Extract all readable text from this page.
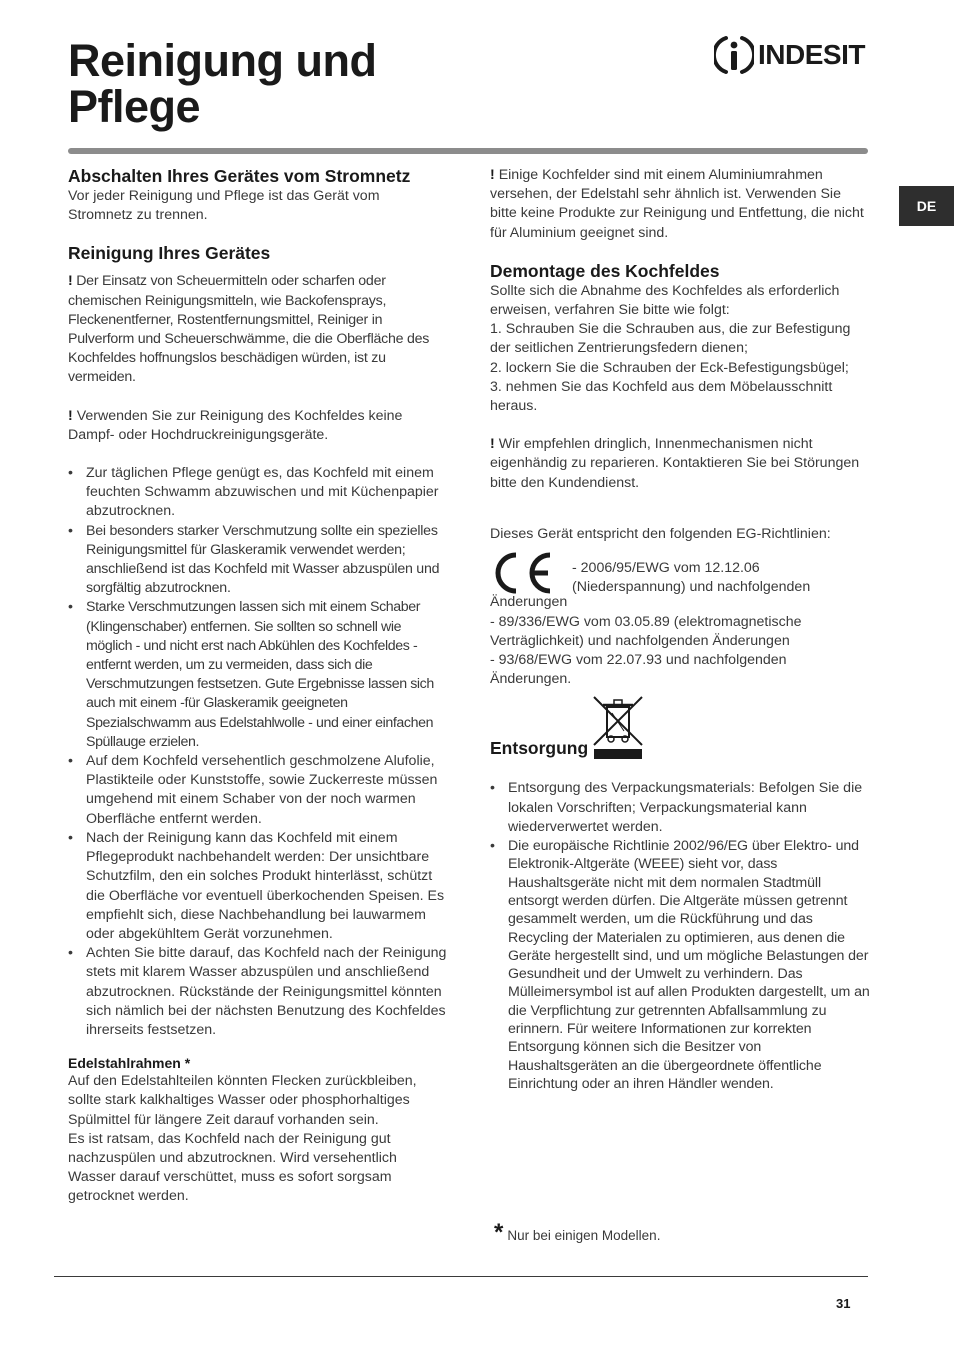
Reinigung und
Pflege
INDESIT
DE
Abschalten Ihres Gerätes vom Stromnetz

Vor jeder Reinigung und Pflege ist das Gerät vom Stromnetz zu trennen.

Reinigung Ihres Gerätes

! Der Einsatz von Scheuermitteln oder scharfen oder chemischen Reinigungsmitteln, wie Backofensprays, Fleckenentferner, Rostentfernungsmittel, Reiniger in Pulverform und Scheuerschwämme, die die Oberfläche des Kochfeldes hoffnungslos beschädigen würden, ist zu vermeiden.

! Verwenden Sie zur Reinigung des Kochfeldes keine Dampf- oder Hochdruckreinigungsgeräte.

• Zur täglichen Pflege genügt es, das Kochfeld mit einem feuchten Schwamm abzuwischen und mit Küchenpapier abzutrocknen.
• Bei besonders starker Verschmutzung sollte ein spezielles Reinigungsmittel für Glaskeramik verwendet werden; anschließend ist das Kochfeld mit Wasser abzuspülen und sorgfältig abzutrocknen.
• Starke Verschmutzungen lassen sich mit einem Schaber (Klingenschaber) entfernen. Sie sollten so schnell wie möglich - und nicht erst nach Abkühlen des Kochfeldes - entfernt werden, um zu vermeiden, dass sich die Verschmutzungen festsetzen. Gute Ergebnisse lassen sich auch mit einem -für Glaskeramik geeigneten Spezialschwamm aus Edelstahlwolle - und einer einfachen Spüllauge erzielen.
• Auf dem Kochfeld versehentlich geschmolzene Alufolie, Plastikteile oder Kunststoffe, sowie Zuckerreste müssen umgehend mit einem Schaber von der noch warmen Oberfläche entfernt werden.
• Nach der Reinigung kann das Kochfeld mit einem Pflegeprodukt nachbehandelt werden: Der unsichtbare Schutzfilm, den ein solches Produkt hinterlässt, schützt die Oberfläche vor eventuell überkochenden Speisen. Es empfiehlt sich, diese Nachbehandlung bei lauwarmem oder abgekühltem Gerät vorzunehmen.
• Achten Sie bitte darauf, das Kochfeld nach der Reinigung stets mit klarem Wasser abzuspülen und anschließend abzutrocknen. Rückstände der Reinigungsmittel könnten sich nämlich bei der nächsten Benutzung des Kochfeldes ihrerseits festsetzen.
Edelstahlrahmen *

Auf den Edelstahlteilen könnten Flecken zurückbleiben, sollte stark kalkhaltiges Wasser oder phosphorhaltiges Spülmittel für längere Zeit darauf vorhanden sein.

Es ist ratsam, das Kochfeld nach der Reinigung gut nachzuspülen und abzutrocknen. Wird versehentlich Wasser darauf verschüttet, muss es sofort sorgsam getrocknet werden.

! Einige Kochfelder sind mit einem Aluminiumrahmen versehen, der Edelstahl sehr ähnlich ist. Verwenden Sie bitte keine Produkte zur Reinigung und Entfettung, die nicht für Aluminium geeignet sind.

Demontage des Kochfeldes

Sollte sich die Abnahme des Kochfeldes als erforderlich erweisen, verfahren Sie bitte wie folgt:

1. Schrauben Sie die Schrauben aus, die zur Befestigung der seitlichen Zentrierungsfedern dienen;

2. lockern Sie die Schrauben der Eck-Befestigungsbügel;

3. nehmen Sie das Kochfeld aus dem Möbelausschnitt heraus.

! Wir empfehlen dringlich, Innenmechanismen nicht eigenhändig zu reparieren. Kontaktieren Sie bei Störungen bitte den Kundendienst.

Dieses Gerät entspricht den folgenden EG-Richtlinien:

- 2006/95/EWG vom 12.12.06

(Niederspannung) und nachfolgenden

Änderungen

- 89/336/EWG vom 03.05.89 (elektromagnetische Verträglichkeit) und nachfolgenden Änderungen

- 93/68/EWG vom 22.07.93 und nachfolgenden Änderungen.

Entsorgung
• Entsorgung des Verpackungsmaterials: Befolgen Sie die lokalen Vorschriften; Verpackungsmaterial kann wiederverwertet werden.
• Die europäische Richtlinie 2002/96/EG über Elektro- und Elektronik-Altgeräte (WEEE) sieht vor, dass Haushaltsgeräte nicht mit dem normalen Stadtmüll entsorgt werden dürfen. Die Altgeräte müssen getrennt gesammelt werden, um die Rückführung und das Recycling der Materialen zu optimieren, aus denen die Geräte hergestellt sind, und um mögliche Belastungen der Gesundheit und der Umwelt zu verhindern. Das Mülleimersymbol ist auf allen Produkten dargestellt, um an die Verpflichtung zur getrennten Abfallsammlung zu erinnern. Für weitere Informationen zur korrekten Entsorgung können sich die Besitzer von Haushaltsgeräten an die übergeordnete öffentliche Einrichtung oder an ihren Händler wenden.
* Nur bei einigen Modellen.
31
